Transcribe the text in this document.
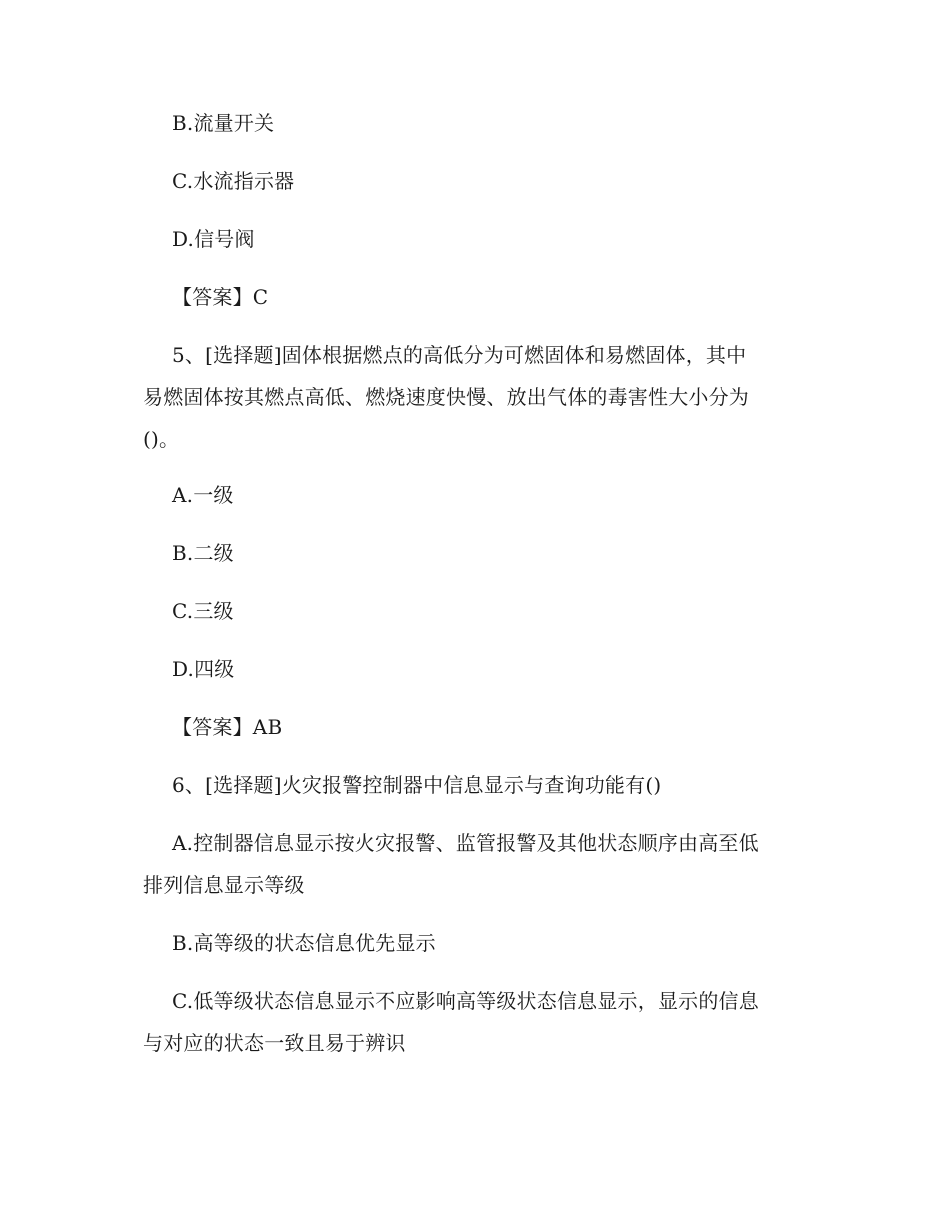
B.流量开关
C.水流指示器
D.信号阀
【答案】C
5、[选择题]固体根据燃点的高低分为可燃固体和易燃固体，其中
易燃固体按其燃点高低、燃烧速度快慢、放出气体的毒害性大小分为
()。
A.一级
B.二级
C.三级
D.四级
【答案】AB
6、[选择题]火灾报警控制器中信息显示与查询功能有()
A.控制器信息显示按火灾报警、监管报警及其他状态顺序由高至低
排列信息显示等级
B.高等级的状态信息优先显示
C.低等级状态信息显示不应影响高等级状态信息显示，显示的信息
与对应的状态一致且易于辨识
